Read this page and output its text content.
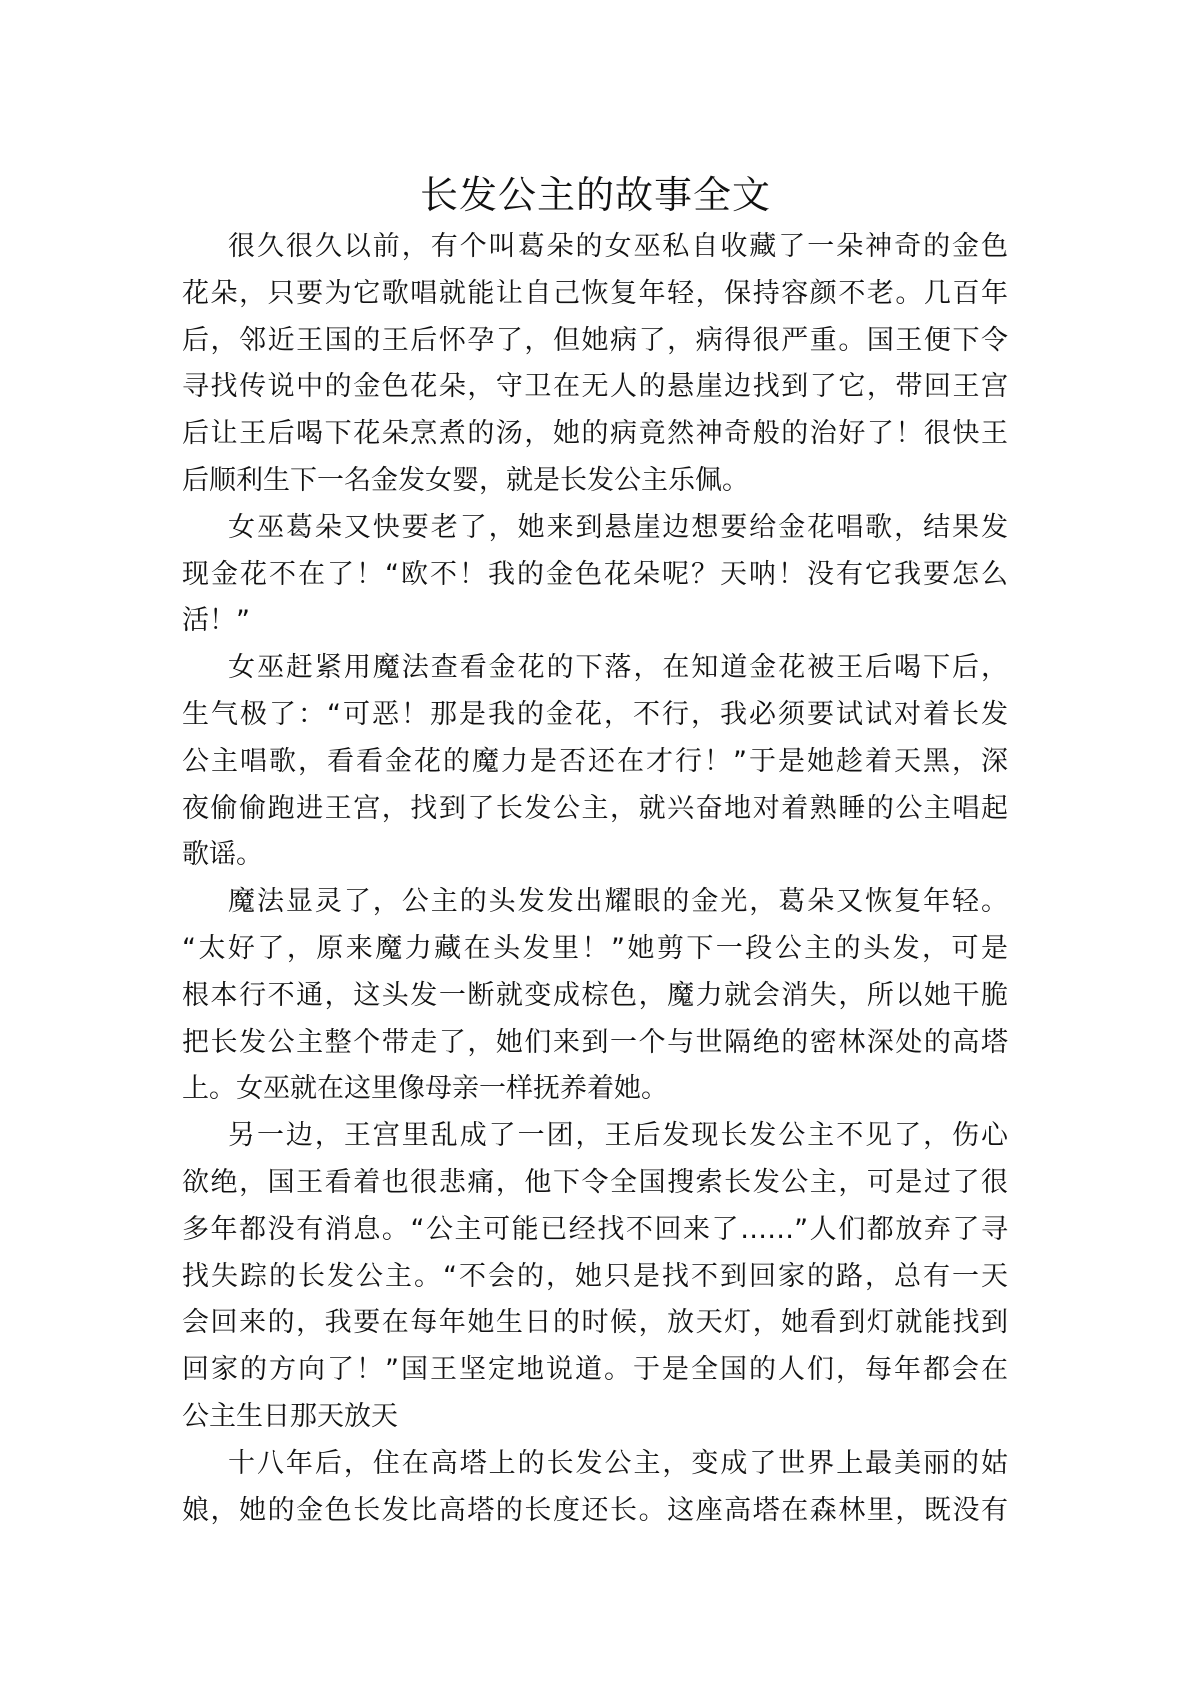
长发公主的故事全文
很久很久以前，有个叫葛朵的女巫私自收藏了一朵神奇的金色
花朵，只要为它歌唱就能让自己恢复年轻，保持容颜不老。几百年
后，邻近王国的王后怀孕了，但她病了，病得很严重。国王便下令
寻找传说中的金色花朵，守卫在无人的悬崖边找到了它，带回王宫
后让王后喝下花朵烹煮的汤，她的病竟然神奇般的治好了！很快王
后顺利生下一名金发女婴，就是长发公主乐佩。
女巫葛朵又快要老了，她来到悬崖边想要给金花唱歌，结果发
现金花不在了！“欧不！我的金色花朵呢？天呐！没有它我要怎么
活！”
女巫赶紧用魔法查看金花的下落，在知道金花被王后喝下后，
生气极了：“可恶！那是我的金花，不行，我必须要试试对着长发
公主唱歌，看看金花的魔力是否还在才行！”于是她趁着天黑，深
夜偷偷跑进王宫，找到了长发公主，就兴奋地对着熟睡的公主唱起
歌谣。
魔法显灵了，公主的头发发出耀眼的金光，葛朵又恢复年轻。
“太好了，原来魔力藏在头发里！”她剪下一段公主的头发，可是
根本行不通，这头发一断就变成棕色，魔力就会消失，所以她干脆
把长发公主整个带走了，她们来到一个与世隔绝的密林深处的高塔
上。女巫就在这里像母亲一样抚养着她。
另一边，王宫里乱成了一团，王后发现长发公主不见了，伤心
欲绝，国王看着也很悲痛，他下令全国搜索长发公主，可是过了很
多年都没有消息。“公主可能已经找不回来了……”人们都放弃了寻
找失踪的长发公主。“不会的，她只是找不到回家的路，总有一天
会回来的，我要在每年她生日的时候，放天灯，她看到灯就能找到
回家的方向了！”国王坚定地说道。于是全国的人们，每年都会在
公主生日那天放天
十八年后，住在高塔上的长发公主，变成了世界上最美丽的姑
娘，她的金色长发比高塔的长度还长。这座高塔在森林里，既没有
